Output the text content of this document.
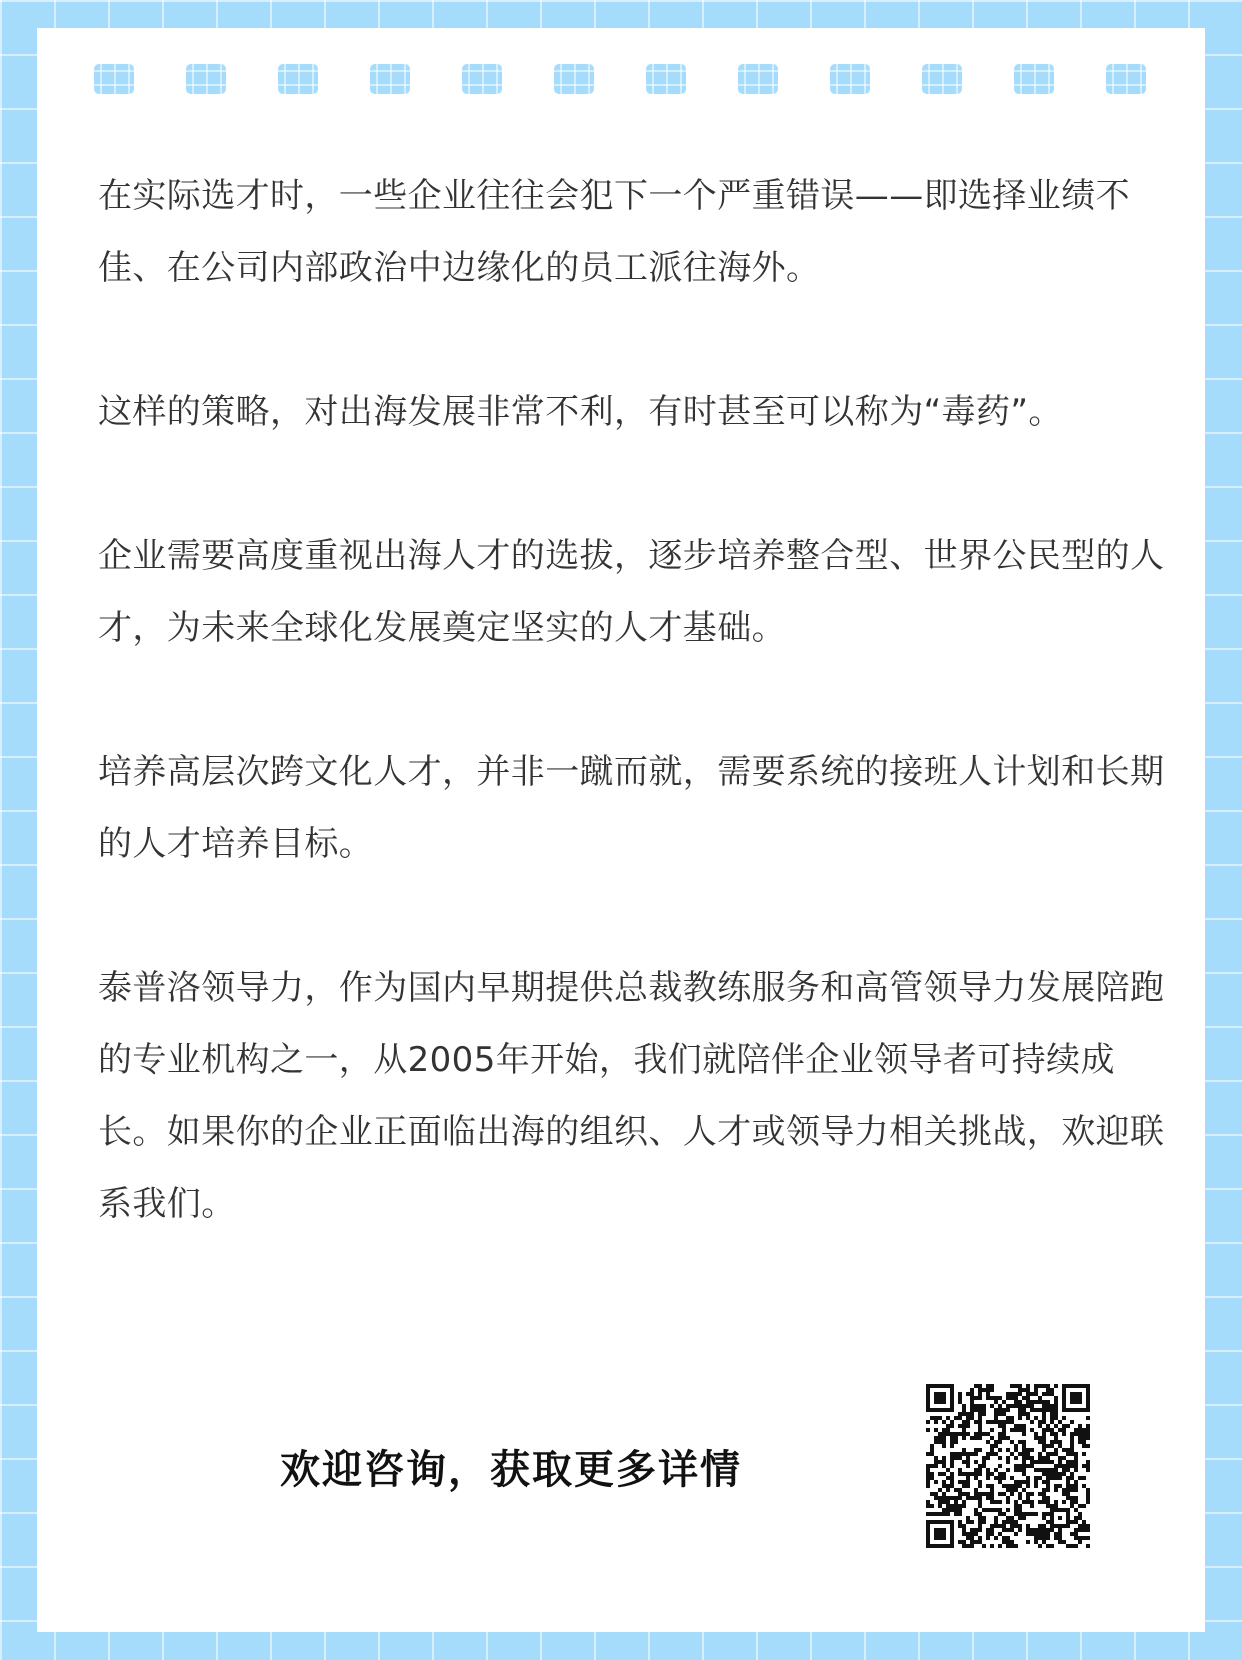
在实际选才时，一些企业往往会犯下一个严重错误——即选择业绩不佳、在公司内部政治中边缘化的员工派往海外。

这样的策略，对出海发展非常不利，有时甚至可以称为“毒药”。

企业需要高度重视出海人才的选拔，逐步培养整合型、世界公民型的人才，为未来全球化发展奠定坚实的人才基础。

培养高层次跨文化人才，并非一蹴而就，需要系统的接班人计划和长期的人才培养目标。

泰普洛领导力，作为国内早期提供总裁教练服务和高管领导力发展陪跑的专业机构之一，从2005年开始，我们就陪伴企业领导者可持续成长。如果你的企业正面临出海的组织、人才或领导力相关挑战，欢迎联系我们。

欢迎咨询，获取更多详情
